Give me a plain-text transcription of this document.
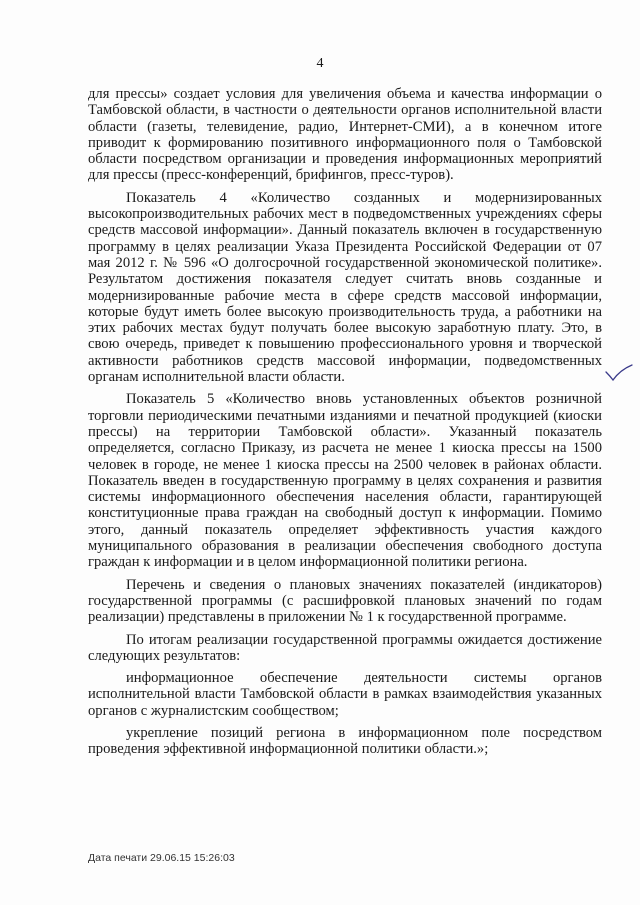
4

для прессы» создает условия для увеличения объема и качества информации о Тамбовской области, в частности о деятельности органов исполнительной власти области (газеты, телевидение, радио, Интернет-СМИ), а в конечном итоге приводит к формированию позитивного информационного поля о Тамбовской области посредством организации и проведения информационных мероприятий для прессы (пресс-конференций, брифингов, пресс-туров).

Показатель 4 «Количество созданных и модернизированных высокопроизводительных рабочих мест в подведомственных учреждениях сферы средств массовой информации». Данный показатель включен в государственную программу в целях реализации Указа Президента Российской Федерации от 07 мая 2012 г. № 596 «О долгосрочной государственной экономической политике». Результатом достижения показателя следует считать вновь созданные и модернизированные рабочие места в сфере средств массовой информации, которые будут иметь более высокую производительность труда, а работники на этих рабочих местах будут получать более высокую заработную плату. Это, в свою очередь, приведет к повышению профессионального уровня и творческой активности работников средств массовой информации, подведомственных органам исполнительной власти области.

Показатель 5 «Количество вновь установленных объектов розничной торговли периодическими печатными изданиями и печатной продукцией (киоски прессы) на территории Тамбовской области». Указанный показатель определяется, согласно Приказу, из расчета не менее 1 киоска прессы на 1500 человек в городе, не менее 1 киоска прессы на 2500 человек в районах области. Показатель введен в государственную программу в целях сохранения и развития системы информационного обеспечения населения области, гарантирующей конституционные права граждан на свободный доступ к информации. Помимо этого, данный показатель определяет эффективность участия каждого муниципального образования в реализации обеспечения свободного доступа граждан к информации и в целом информационной политики региона.

Перечень и сведения о плановых значениях показателей (индикаторов) государственной программы (с расшифровкой плановых значений по годам реализации) представлены в приложении № 1 к государственной программе.

По итогам реализации государственной программы ожидается достижение следующих результатов:

информационное обеспечение деятельности системы органов исполнительной власти Тамбовской области в рамках взаимодействия указанных органов с журналистским сообществом;

укрепление позиций региона в информационном поле посредством проведения эффективной информационной политики области.»;

Дата печати 29.06.15 15:26:03
